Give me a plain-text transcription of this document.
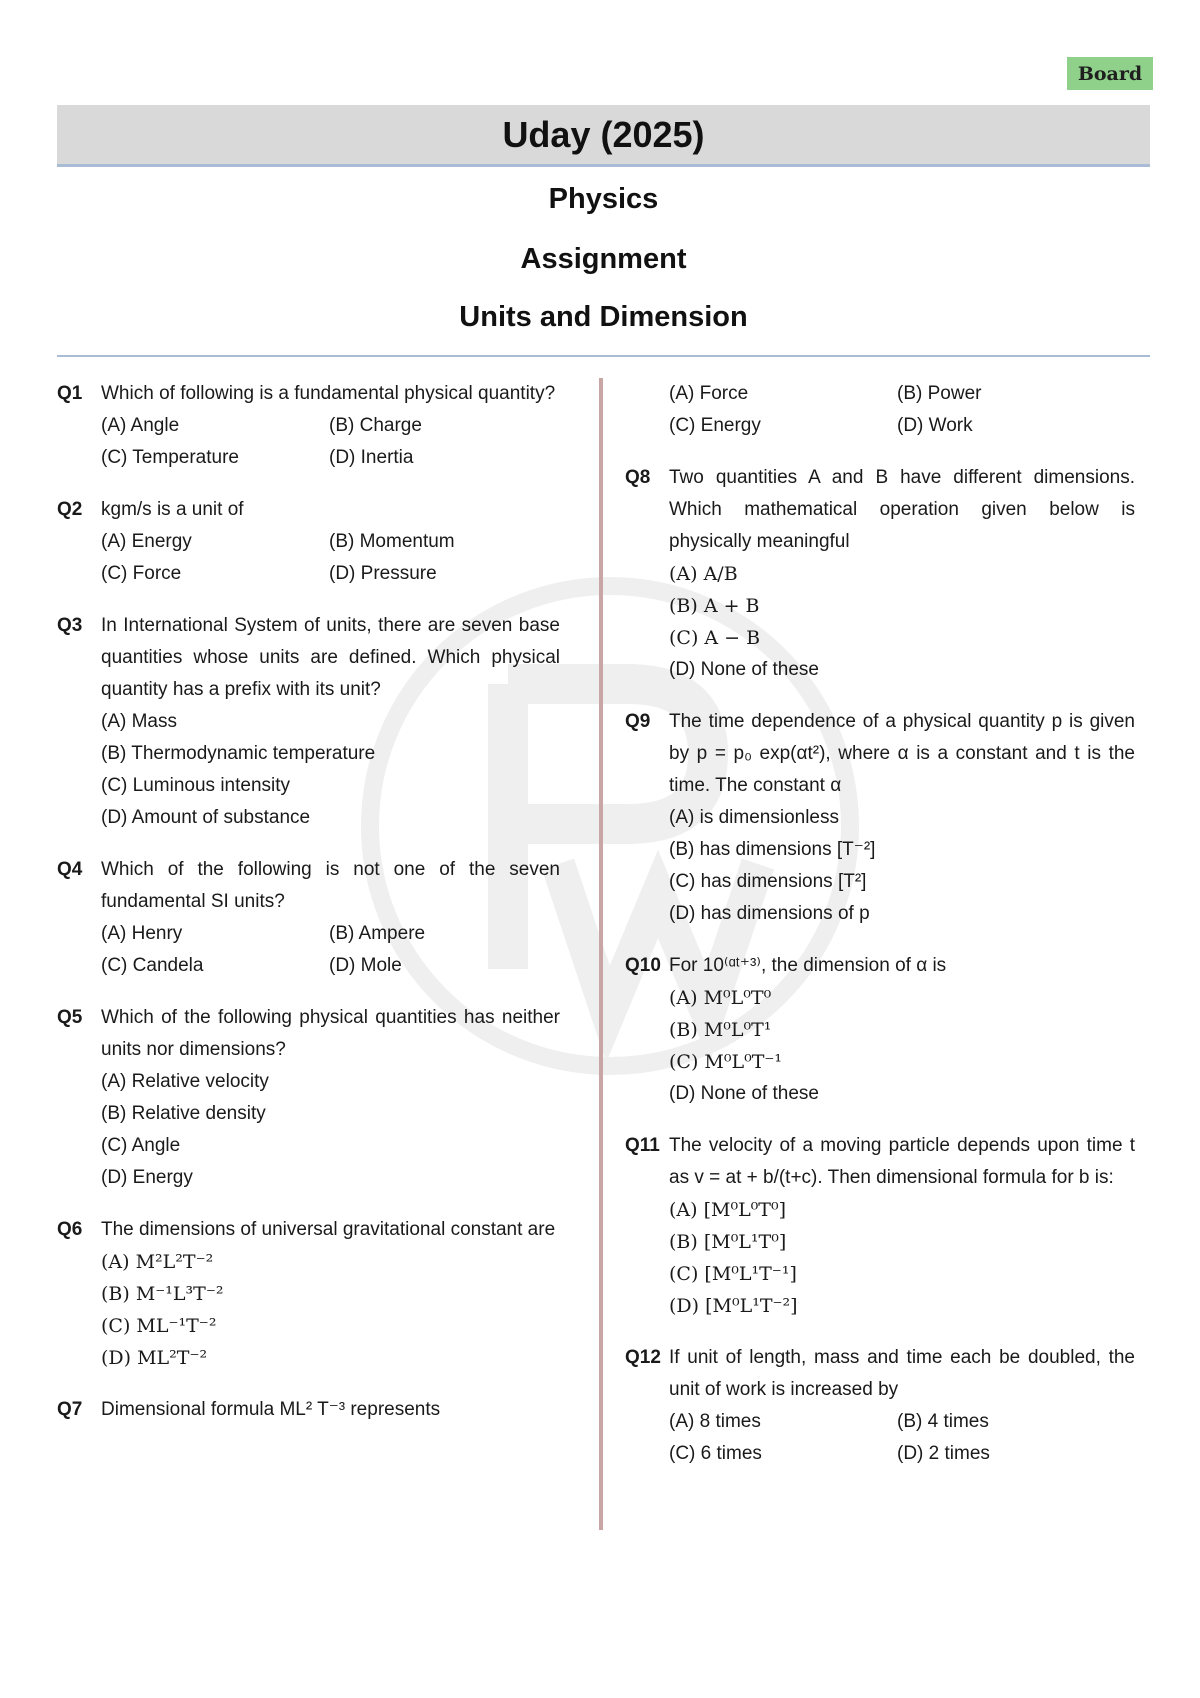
Board
Uday (2025)
Physics
Assignment
Units and Dimension
Q1 Which of following is a fundamental physical quantity?
(A) Angle	(B) Charge
(C) Temperature	(D) Inertia
Q2 kgm/s is a unit of
(A) Energy	(B) Momentum
(C) Force	(D) Pressure
Q3 In International System of units, there are seven base quantities whose units are defined. Which physical quantity has a prefix with its unit?
(A) Mass
(B) Thermodynamic temperature
(C) Luminous intensity
(D) Amount of substance
Q4 Which of the following is not one of the seven fundamental SI units?
(A) Henry	(B) Ampere
(C) Candela	(D) Mole
Q5 Which of the following physical quantities has neither units nor dimensions?
(A) Relative velocity
(B) Relative density
(C) Angle
(D) Energy
Q6 The dimensions of universal gravitational constant are
(A) M²L²T⁻²
(B) M⁻¹L³T⁻²
(C) ML⁻¹T⁻²
(D) ML²T⁻²
Q7 Dimensional formula ML² T⁻³ represents
(A) Force	(B) Power
(C) Energy	(D) Work
Q8 Two quantities A and B have different dimensions. Which mathematical operation given below is physically meaningful
(A) A/B
(B) A + B
(C) A − B
(D) None of these
Q9 The time dependence of a physical quantity p is given by p = p₀ exp(αt²), where α is a constant and t is the time. The constant α
(A) is dimensionless
(B) has dimensions [T⁻²]
(C) has dimensions [T²]
(D) has dimensions of p
Q10 For 10⁽ᵅᵗ⁺³⁾, the dimension of α is
(A) M⁰L⁰T⁰
(B) M⁰L⁰T¹
(C) M⁰L⁰T⁻¹
(D) None of these
Q11 The velocity of a moving particle depends upon time t as v = at + b/(t+c). Then dimensional formula for b is:
(A) [M⁰L⁰T⁰]
(B) [M⁰L¹T⁰]
(C) [M⁰L¹T⁻¹]
(D) [M⁰L¹T⁻²]
Q12 If unit of length, mass and time each be doubled, the unit of work is increased by
(A) 8 times	(B) 4 times
(C) 6 times	(D) 2 times
